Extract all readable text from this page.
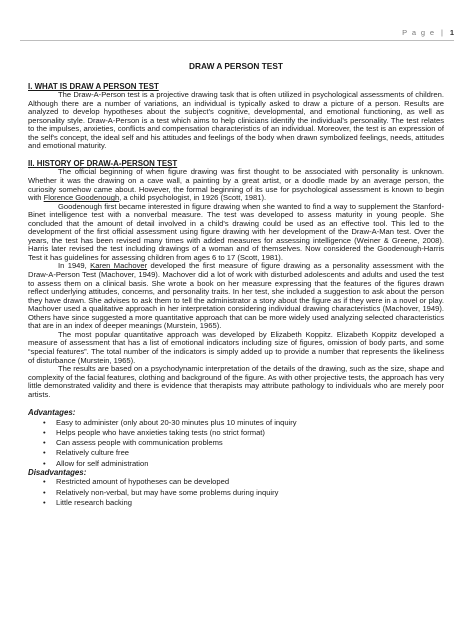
P a g e | 1
DRAW A PERSON TEST
I. WHAT IS DRAW A PERSON TEST

The Draw-A-Person test is a projective drawing task that is often utilized in psychological assessments of children. Although there are a number of variations, an individual is typically asked to draw a picture of a person. Results are analyzed to develop hypotheses about the subject's cognitive, developmental, and emotional functioning, as well as personality style. Draw-A-Person is a test which aims to help clinicians identify the individual's personality. The test relates to the impulses, anxieties, conflicts and compensation characteristics of an individual. Moreover, the test is an expression of the self's concept, the ideal self and his attitudes and feelings of the body when drawn symbolized feelings, needs, attitudes and emotional maturity.

II. HISTORY OF DRAW-A-PERSON TEST

The official beginning of when figure drawing was first thought to be associated with personality is unknown. Whether it was the drawing on a cave wall, a painting by a great artist, or a doodle made by an average person, the curiosity somehow came about. However, the formal beginning of its use for psychological assessment is known to begin with Florence Goodenough, a child psychologist, in 1926 (Scott, 1981).

Goodenough first became interested in figure drawing when she wanted to find a way to supplement the Stanford-Binet intelligence test with a nonverbal measure. The test was developed to assess maturity in young people. She concluded that the amount of detail involved in a child's drawing could be used as an effective tool. This led to the development of the first official assessment using figure drawing with her development of the Draw-A-Man test. Over the years, the test has been revised many times with added measures for assessing intelligence (Weiner & Greene, 2008). Harris later revised the test including drawings of a woman and of themselves. Now considered the Goodenough-Harris Test it has guidelines for assessing children from ages 6 to 17 (Scott, 1981).

In 1949, Karen Machover developed the first measure of figure drawing as a personality assessment with the Draw-A-Person Test (Machover, 1949). Machover did a lot of work with disturbed adolescents and adults and used the test to assess them on a clinical basis. She wrote a book on her measure expressing that the features of the figures drawn reflect underlying attitudes, concerns, and personality traits. In her test, she included a suggestion to ask about the person they have drawn. She advises to ask them to tell the administrator a story about the figure as if they were in a novel or play. Machover used a qualitative approach in her interpretation considering individual drawing characteristics (Machover, 1949). Others have since suggested a more quantitative approach that can be more widely used analyzing selected characteristics that are in an index of deeper meanings (Murstein, 1965).

The most popular quantitative approach was developed by Elizabeth Koppitz. Elizabeth Koppitz developed a measure of assessment that has a list of emotional indicators including size of figures, omission of body parts, and some “special features”. The total number of the indicators is simply added up to provide a number that represents the likeliness of disturbance (Murstein, 1965).

The results are based on a psychodynamic interpretation of the details of the drawing, such as the size, shape and complexity of the facial features, clothing and background of the figure. As with other projective tests, the approach has very little demonstrated validity and there is evidence that therapists may attribute pathology to individuals who are merely poor artists.

Advantages:
• Easy to administer (only about 20-30 minutes plus 10 minutes of inquiry
• Helps people who have anxieties taking tests (no strict format)
• Can assess people with communication problems
• Relatively culture free
• Allow for self administration
Disadvantages:
• Restricted amount of hypotheses can be developed
• Relatively non-verbal, but may have some problems during inquiry
• Little research backing
